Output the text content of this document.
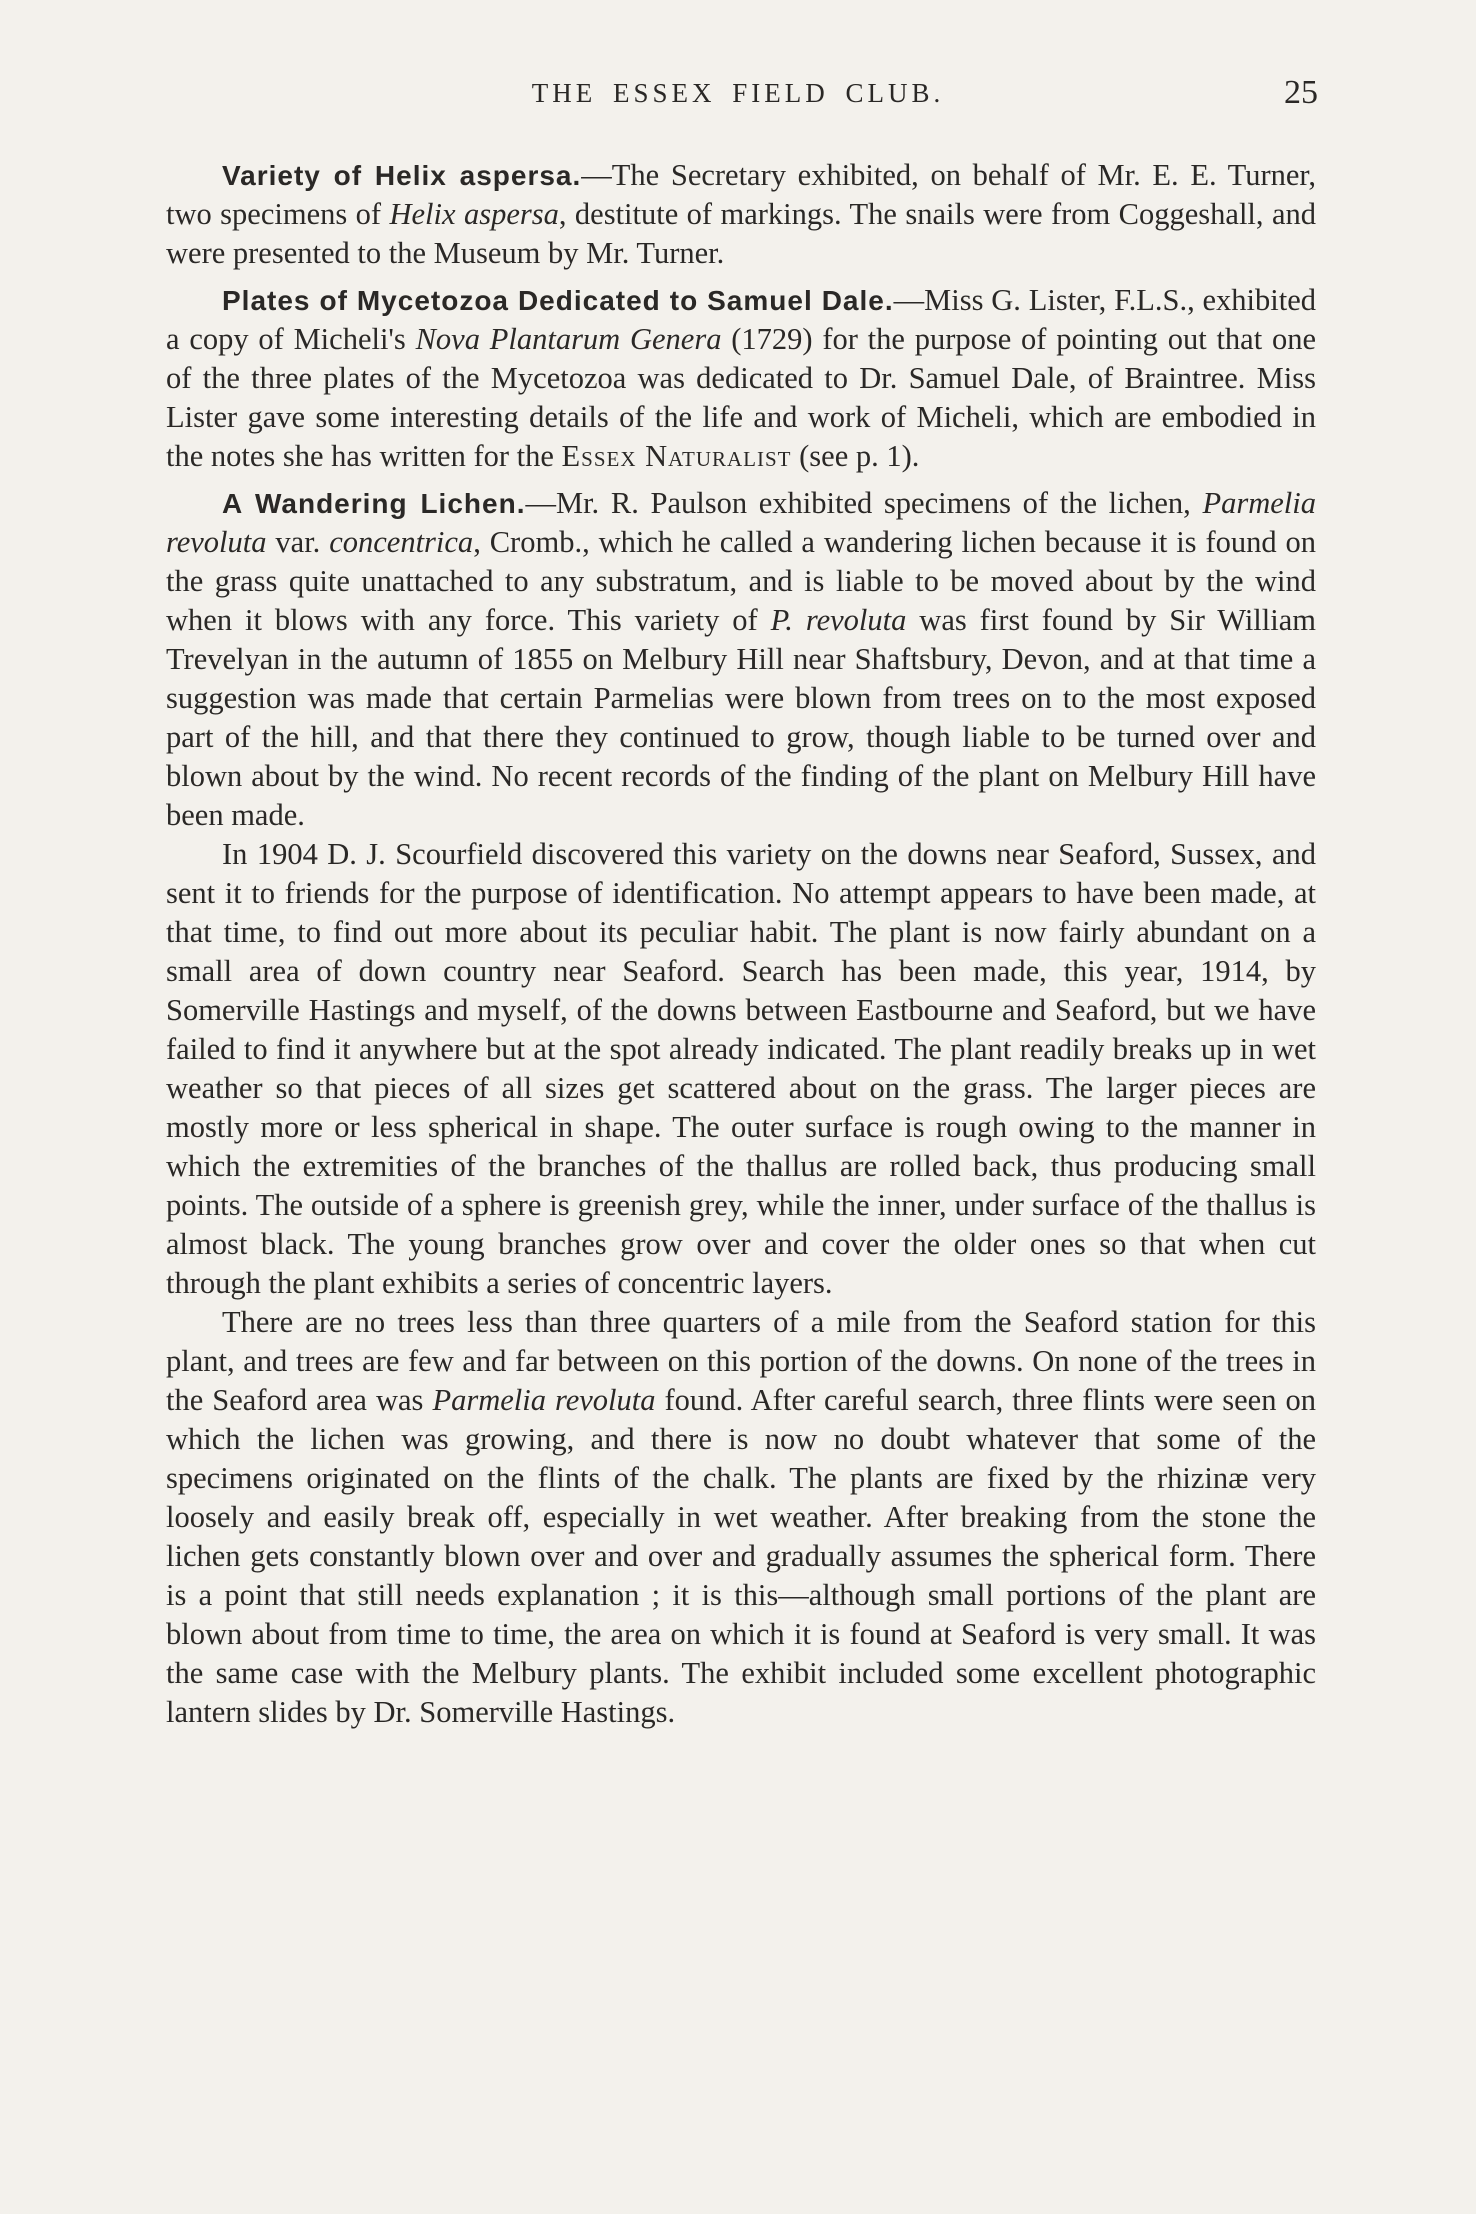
THE ESSEX FIELD CLUB.	25

Variety of Helix aspersa.—The Secretary exhibited, on behalf of Mr. E. E. Turner, two specimens of Helix aspersa, destitute of markings. The snails were from Coggeshall, and were presented to the Museum by Mr. Turner.

Plates of Mycetozoa Dedicated to Samuel Dale.—Miss G. Lister, F.L.S., exhibited a copy of Micheli's Nova Plantarum Genera (1729) for the purpose of pointing out that one of the three plates of the Mycetozoa was dedicated to Dr. Samuel Dale, of Braintree. Miss Lister gave some interesting details of the life and work of Micheli, which are embodied in the notes she has written for the Essex Naturalist (see p. 1).

A Wandering Lichen.—Mr. R. Paulson exhibited specimens of the lichen, Parmelia revoluta var. concentrica, Cromb., which he called a wandering lichen because it is found on the grass quite unattached to any substratum, and is liable to be moved about by the wind when it blows with any force. This variety of P. revoluta was first found by Sir William Trevelyan in the autumn of 1855 on Melbury Hill near Shaftsbury, Devon, and at that time a suggestion was made that certain Parmelias were blown from trees on to the most exposed part of the hill, and that there they continued to grow, though liable to be turned over and blown about by the wind. No recent records of the finding of the plant on Melbury Hill have been made.

In 1904 D. J. Scourfield discovered this variety on the downs near Seaford, Sussex, and sent it to friends for the purpose of identification. No attempt appears to have been made, at that time, to find out more about its peculiar habit. The plant is now fairly abundant on a small area of down country near Seaford. Search has been made, this year, 1914, by Somerville Hastings and myself, of the downs between Eastbourne and Seaford, but we have failed to find it anywhere but at the spot already indicated. The plant readily breaks up in wet weather so that pieces of all sizes get scattered about on the grass. The larger pieces are mostly more or less spherical in shape. The outer surface is rough owing to the manner in which the extremities of the branches of the thallus are rolled back, thus producing small points. The outside of a sphere is greenish grey, while the inner, under surface of the thallus is almost black. The young branches grow over and cover the older ones so that when cut through the plant exhibits a series of concentric layers.

There are no trees less than three quarters of a mile from the Seaford station for this plant, and trees are few and far between on this portion of the downs. On none of the trees in the Seaford area was Parmelia revoluta found. After careful search, three flints were seen on which the lichen was growing, and there is now no doubt whatever that some of the specimens originated on the flints of the chalk. The plants are fixed by the rhizinæ very loosely and easily break off, especially in wet weather. After breaking from the stone the lichen gets constantly blown over and over and gradually assumes the spherical form. There is a point that still needs explanation ; it is this—although small portions of the plant are blown about from time to time, the area on which it is found at Seaford is very small. It was the same case with the Melbury plants. The exhibit included some excellent photographic lantern slides by Dr. Somerville Hastings.
